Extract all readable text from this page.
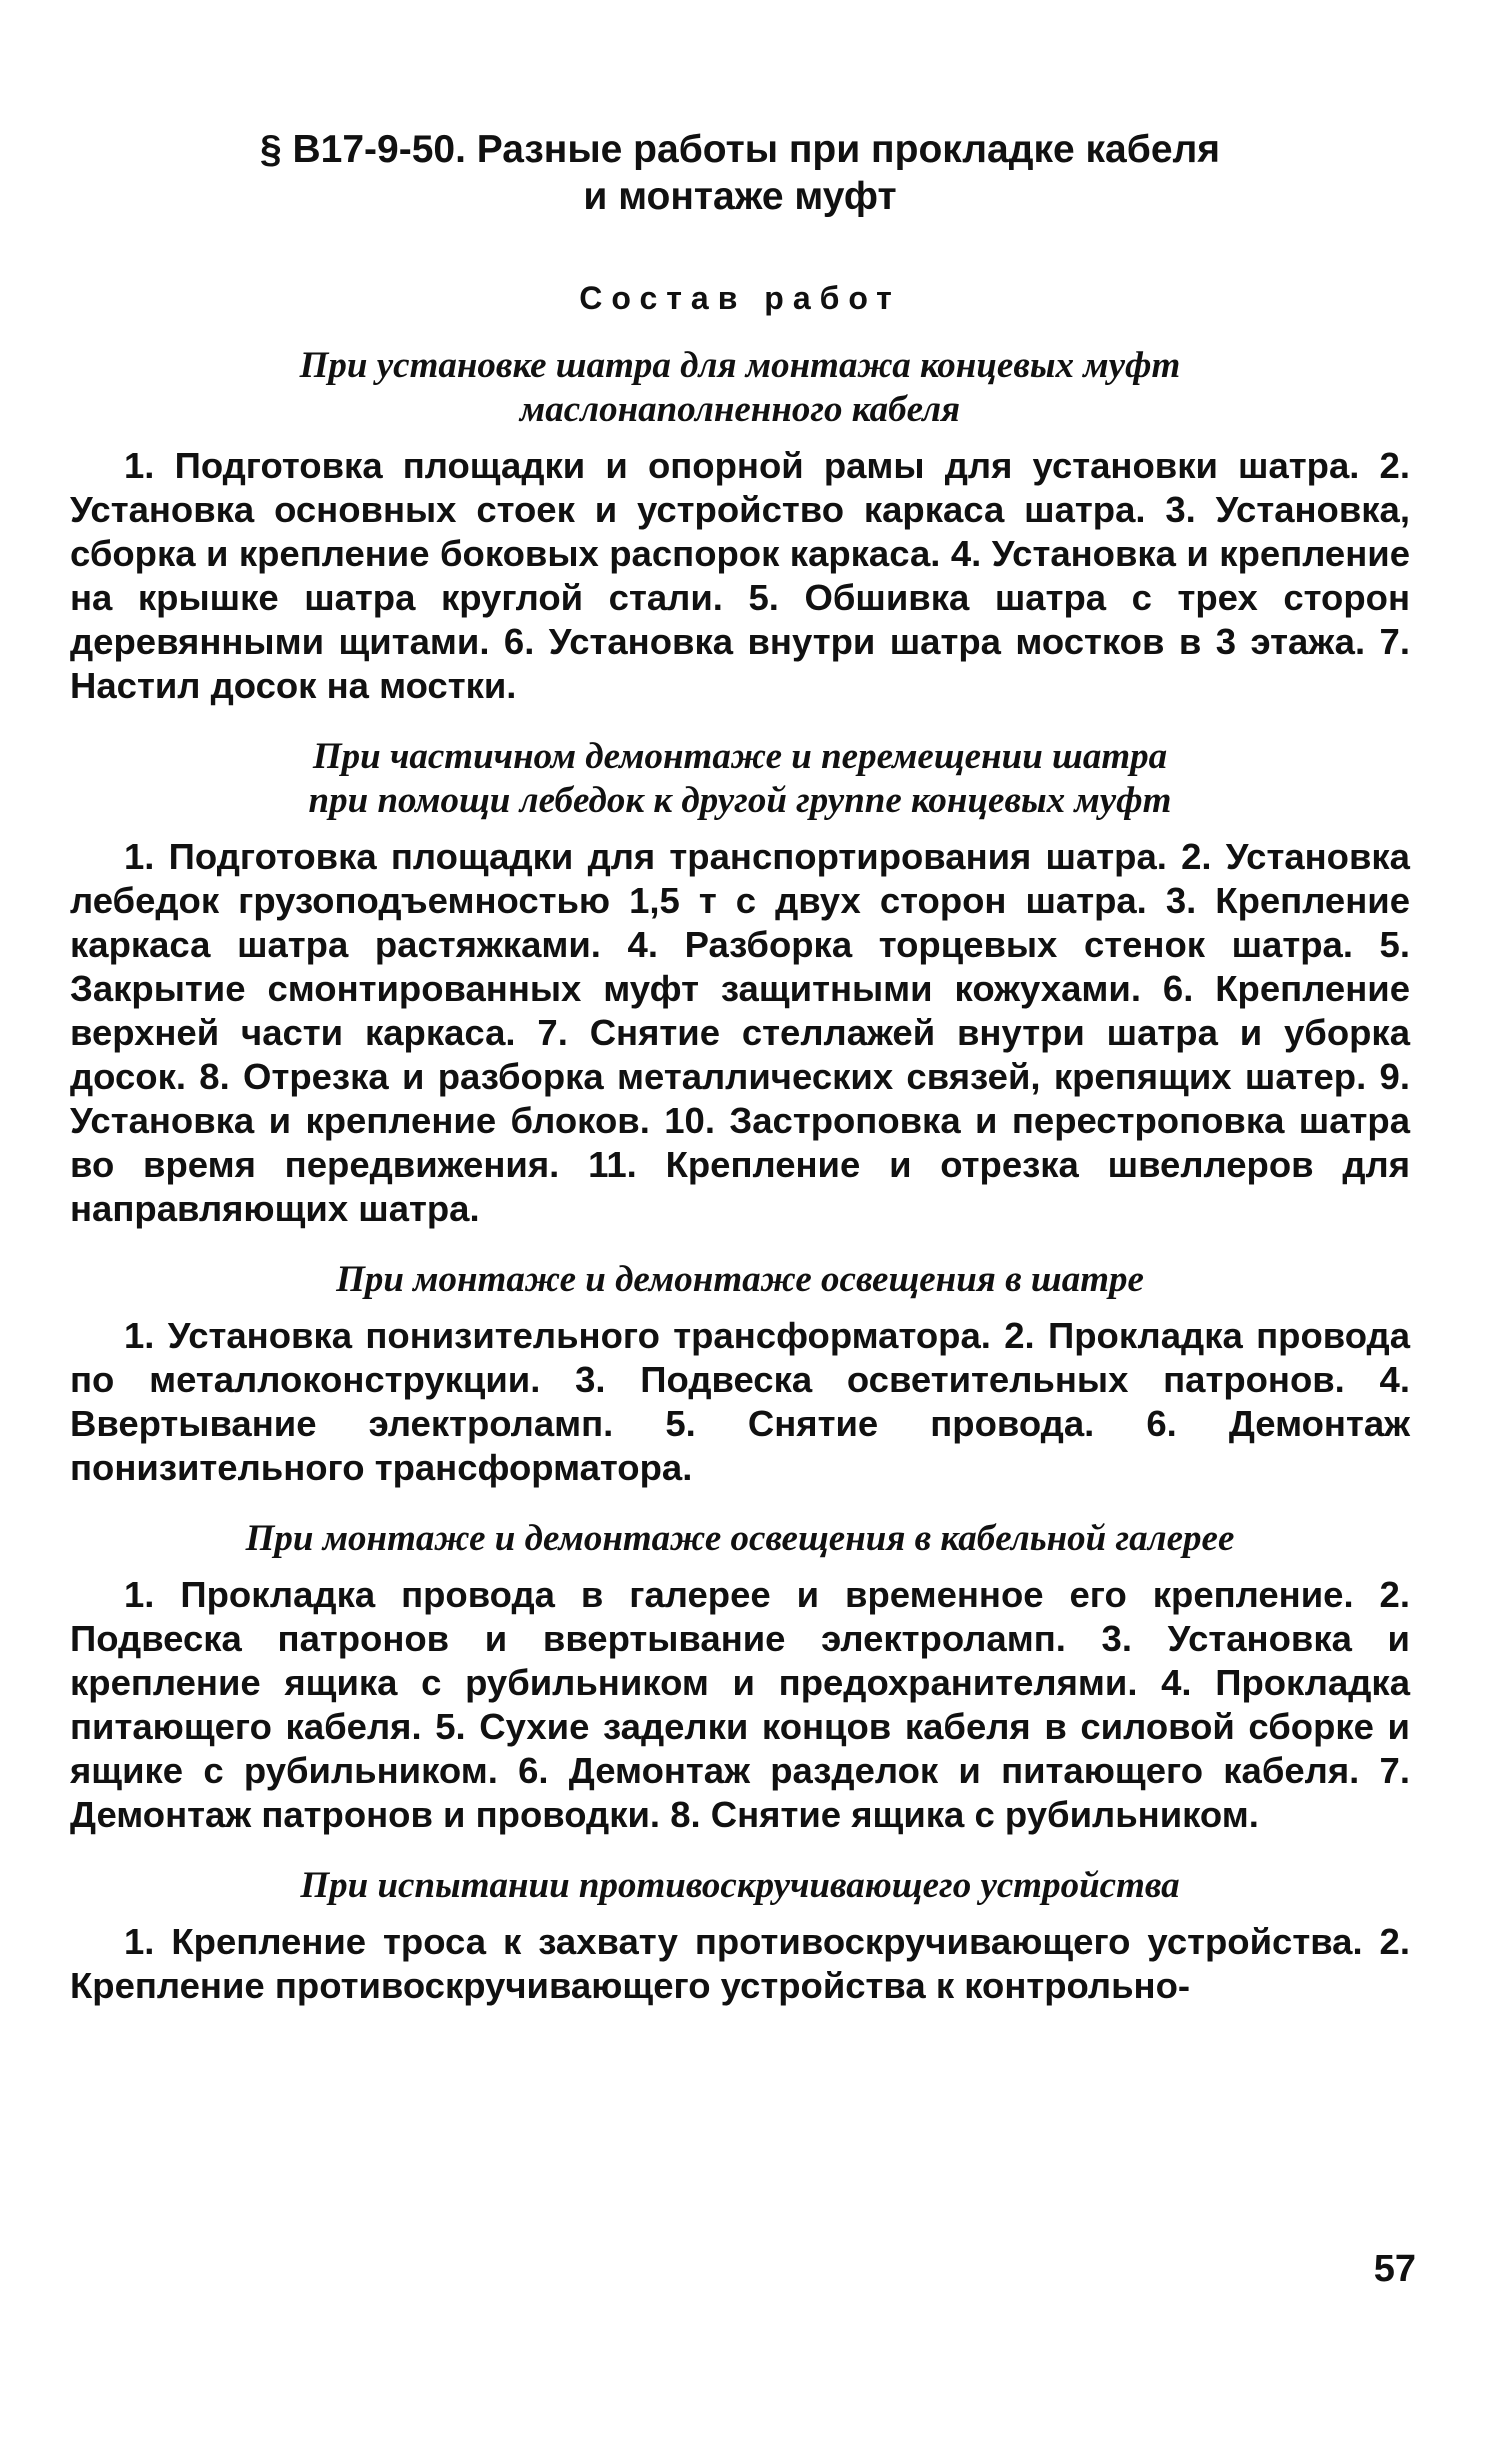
§ В17-9-50. Разные работы при прокладке кабеля
и монтаже муфт
Состав работ
При установке шатра для монтажа концевых муфт
маслонаполненного кабеля

1. Подготовка площадки и опорной рамы для установки шатра. 2. Установка основных стоек и устройство каркаса шатра. 3. Установка, сборка и крепление боковых распорок каркаса. 4. Установка и крепление на крышке шатра круглой стали. 5. Обшивка шатра с трех сторон деревянными щитами. 6. Установка внутри шатра мостков в 3 этажа. 7. Настил досок на мостки.

При частичном демонтаже и перемещении шатра
при помощи лебедок к другой группе концевых муфт

1. Подготовка площадки для транспортирования шатра. 2. Установка лебедок грузоподъемностью 1,5 т с двух сторон шатра. 3. Крепление каркаса шатра растяжками. 4. Разборка торцевых стенок шатра. 5. Закрытие смонтированных муфт защитными кожухами. 6. Крепление верхней части каркаса. 7. Снятие стеллажей внутри шатра и уборка досок. 8. Отрезка и разборка металлических связей, крепящих шатер. 9. Установка и крепление блоков. 10. Застроповка и перестроповка шатра во время передвижения. 11. Крепление и отрезка швеллеров для направляющих шатра.

При монтаже и демонтаже освещения в шатре

1. Установка понизительного трансформатора. 2. Прокладка провода по металлоконструкции. 3. Подвеска осветительных патронов. 4. Ввертывание электроламп. 5. Снятие провода. 6. Демонтаж понизительного трансформатора.

При монтаже и демонтаже освещения в кабельной галерее

1. Прокладка провода в галерее и временное его крепление. 2. Подвеска патронов и ввертывание электроламп. 3. Установка и крепление ящика с рубильником и предохранителями. 4. Прокладка питающего кабеля. 5. Сухие заделки концов кабеля в силовой сборке и ящике с рубильником. 6. Демонтаж разделок и питающего кабеля. 7. Демонтаж патронов и проводки. 8. Снятие ящика с рубильником.

При испытании противоскручивающего устройства

1. Крепление троса к захвату противоскручивающего устройства. 2. Крепление противоскручивающего устройства к контрольно-

57
